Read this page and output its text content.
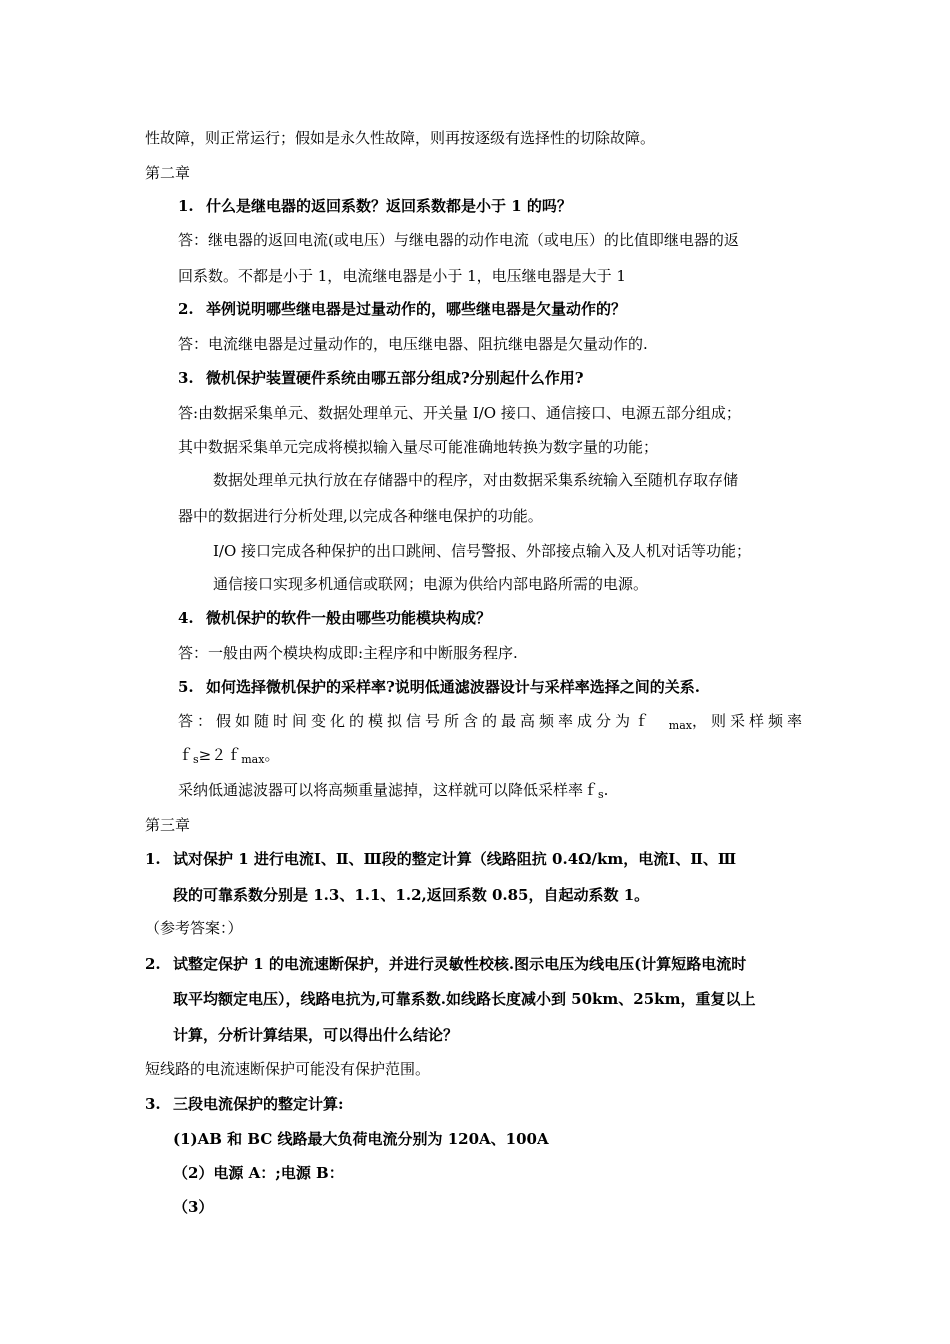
性故障，则正常运行；假如是永久性故障，则再按逐级有选择性的切除故障。
第二章
1. 什么是继电器的返回系数？返回系数都是小于 1 的吗？
答：继电器的返回电流(或电压）与继电器的动作电流（或电压）的比值即继电器的返
回系数。不都是小于 1，电流继电器是小于 1，电压继电器是大于 1
2. 举例说明哪些继电器是过量动作的，哪些继电器是欠量动作的？
答：电流继电器是过量动作的，电压继电器、阻抗继电器是欠量动作的.
3. 微机保护装置硬件系统由哪五部分组成?分别起什么作用?
答:由数据采集单元、数据处理单元、开关量 I/O 接口、通信接口、电源五部分组成；
其中数据采集单元完成将模拟输入量尽可能准确地转换为数字量的功能；
数据处理单元执行放在存储器中的程序，对由数据采集系统输入至随机存取存储
器中的数据进行分析处理,以完成各种继电保护的功能。
I/O 接口完成各种保护的出口跳闸、信号警报、外部接点输入及人机对话等功能；
通信接口实现多机通信或联网；电源为供给内部电路所需的电源。
4. 微机保护的软件一般由哪些功能模块构成？
答：一般由两个模块构成即:主程序和中断服务程序.
5. 如何选择微机保护的采样率?说明低通滤波器设计与采样率选择之间的关系.
答：假如随时间变化的模拟信号所含的最高频率成分为ｆ $_{max}$，则采样频率
ｆ$_s$≥２ｆ$_{max}$。
采纳低通滤波器可以将高频重量滤掉，这样就可以降低采样率ｆ$_s$.
第三章
1. 试对保护 1 进行电流Ⅰ、Ⅱ、Ⅲ段的整定计算（线路阻抗 0.4Ω/km，电流Ⅰ、Ⅱ、Ⅲ
段的可靠系数分别是 1.3、1.1、1.2,返回系数 0.85，自起动系数 1。
（参考答案：）
2. 试整定保护 1 的电流速断保护，并进行灵敏性校核.图示电压为线电压(计算短路电流时
取平均额定电压），线路电抗为,可靠系数.如线路长度减小到 50km、25km，重复以上
计算，分析计算结果，可以得出什么结论？
短线路的电流速断保护可能没有保护范围。
3. 三段电流保护的整定计算:
(1)AB 和 BC 线路最大负荷电流分别为 120A、100A
（2）电源 A：;电源 B：
（3）
